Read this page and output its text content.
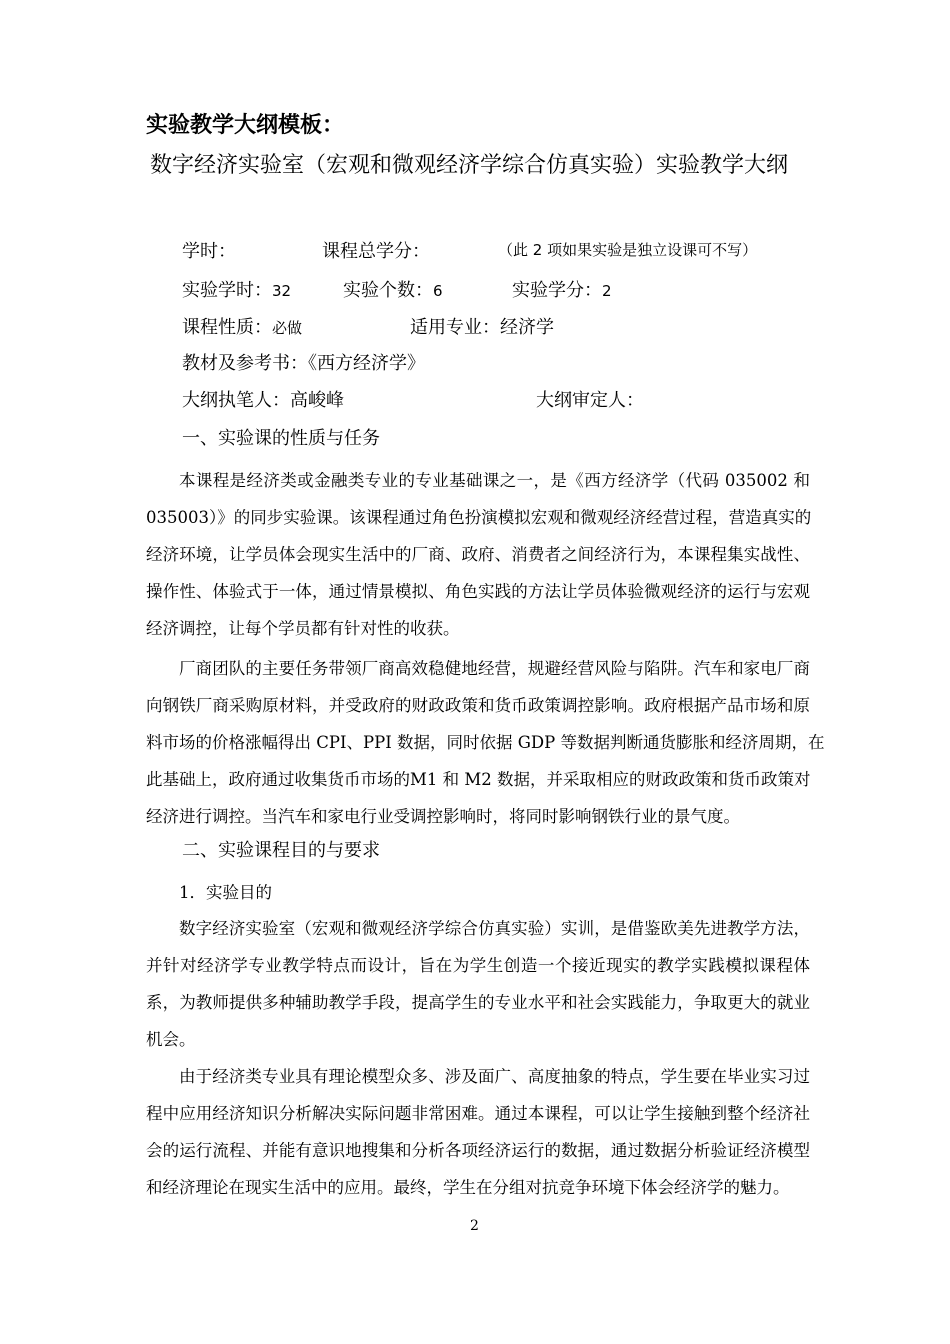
实验教学大纲模板：
数字经济实验室（宏观和微观经济学综合仿真实验）实验教学大纲
学时：	课程总学分：	（此 2 项如果实验是独立设课可不写）
实验学时：32	实验个数：6	实验学分：2
课程性质：必做	适用专业：经济学
教材及参考书：《西方经济学》
大纲执笔人：高峻峰	大纲审定人：
一、实验课的性质与任务
本课程是经济类或金融类专业的专业基础课之一，是《西方经济学（代码 035002 和
035003）》的同步实验课。该课程通过角色扮演模拟宏观和微观经济经营过程，营造真实的
经济环境，让学员体会现实生活中的厂商、政府、消费者之间经济行为，本课程集实战性、
操作性、体验式于一体，通过情景模拟、角色实践的方法让学员体验微观经济的运行与宏观
经济调控，让每个学员都有针对性的收获。
厂商团队的主要任务带领厂商高效稳健地经营，规避经营风险与陷阱。汽车和家电厂商
向钢铁厂商采购原材料，并受政府的财政政策和货币政策调控影响。政府根据产品市场和原
料市场的价格涨幅得出 CPI、PPI 数据，同时依据 GDP 等数据判断通货膨胀和经济周期，在
此基础上，政府通过收集货币市场的M1 和 M2 数据，并采取相应的财政政策和货币政策对
经济进行调控。当汽车和家电行业受调控影响时，将同时影响钢铁行业的景气度。
二、实验课程目的与要求
1．实验目的
数字经济实验室（宏观和微观经济学综合仿真实验）实训，是借鉴欧美先进教学方法，
并针对经济学专业教学特点而设计，旨在为学生创造一个接近现实的教学实践模拟课程体
系，为教师提供多种辅助教学手段，提高学生的专业水平和社会实践能力，争取更大的就业
机会。
由于经济类专业具有理论模型众多、涉及面广、高度抽象的特点，学生要在毕业实习过
程中应用经济知识分析解决实际问题非常困难。通过本课程，可以让学生接触到整个经济社
会的运行流程、并能有意识地搜集和分析各项经济运行的数据，通过数据分析验证经济模型
和经济理论在现实生活中的应用。最终，学生在分组对抗竞争环境下体会经济学的魅力。
2
